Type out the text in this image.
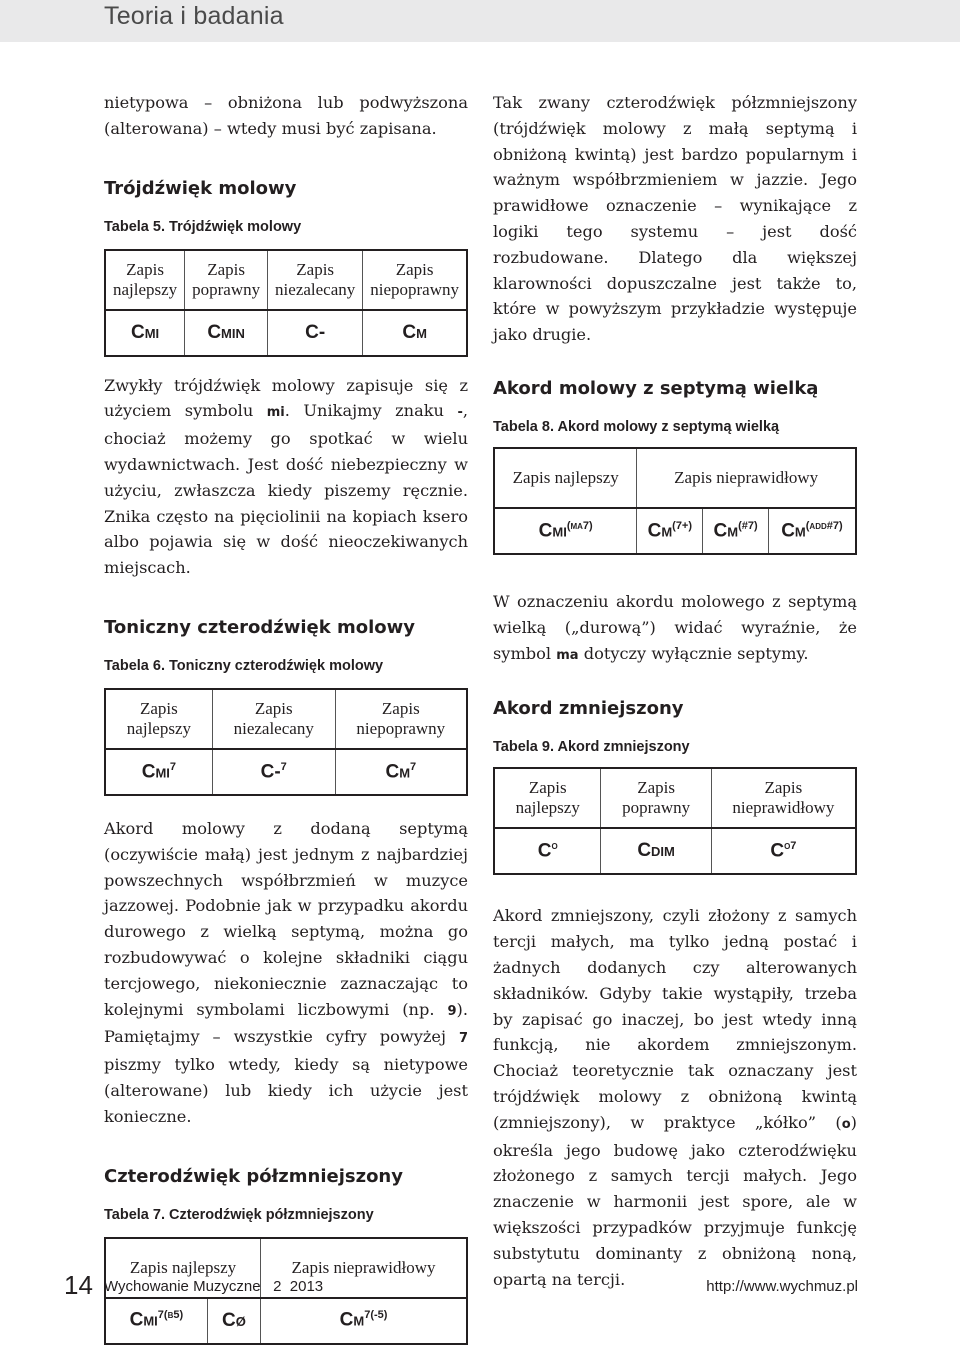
Teoria i badania

nietypowa – obniżona lub podwyższona (alterowana) – wtedy musi być zapisana.

Trójdźwięk molowy

Tabela 5. Trójdźwięk molowy

Zapis najlepszy	Zapis poprawny	Zapis niezalecany	Zapis niepoprawny
Cmi	Cmin	C-	Cm

Zwykły trójdźwięk molowy zapisuje się z użyciem symbolu mi. Unikajmy znaku -, chociaż możemy go spotkać w wielu wydawnictwach. Jest dość niebezpieczny w użyciu, zwłaszcza kiedy piszemy ręcznie. Znika często na pięciolinii na kopiach ksero albo pojawia się w dość nieoczekiwanych miejscach.

Toniczny czterodźwięk molowy

Tabela 6. Toniczny czterodźwięk molowy

Zapis najlepszy	Zapis niezalecany	Zapis niepoprawny
Cmi$^7$	C-$^7$	Cm$^7$

Akord molowy z dodaną septymą (oczywiście małą) jest jednym z najbardziej powszechnych współbrzmień w muzyce jazzowej. Podobnie jak w przypadku akordu durowego z wielką septymą, można go rozbudowywać o kolejne składniki ciągu tercjowego, niekoniecznie zaznaczając to kolejnymi symbolami liczbowymi (np. 9). Pamiętajmy – wszystkie cyfry powyżej 7 piszmy tylko wtedy, kiedy są nietypowe (alterowane) lub kiedy ich użycie jest konieczne.

Czterodźwięk półzmniejszony

Tabela 7. Czterodźwięk półzmniejszony

Zapis najlepszy		Zapis nieprawidłowy
Cmi$^{7(b5)}$	Cø	$Cm^{7(-5)}$

Tak zwany czterodźwięk półzmniejszony (trójdźwięk molowy z małą septymą i obniżoną kwintą) jest bardzo popularnym i ważnym współbrzmieniem w jazzie. Jego prawidłowe oznaczenie – wynikające z logiki tego systemu – jest dość rozbudowane. Dlatego dla większej klarowności dopuszczalne jest także to, które w powyższym przykładzie występuje jako drugie.

Akord molowy z septymą wielką

Tabela 8. Akord molowy z septymą wielką

Zapis najlepszy	Zapis nieprawidłowy		
Cmi$^{(ma7)}$	$Cm^{(7+)}$	$Cm^{(\#7)}$	$Cm^{(add\#7)}$

W oznaczeniu akordu molowego z septymą wielką („durową”) widać wyraźnie, że symbol ma dotyczy wyłącznie septymy.

Akord zmniejszony

Tabela 9. Akord zmniejszony

Zapis najlepszy	Zapis poprawny	Zapis nieprawidłowy
$C^o$	Cdim	$C^{o7}$

Akord zmniejszony, czyli złożony z samych tercji małych, ma tylko jedną postać i żadnych dodanych czy alterowanych składników. Gdyby takie wystąpiły, trzeba by zapisać go inaczej, bo jest wtedy inną funkcją, nie akordem zmniejszonym. Chociaż teoretycznie tak oznaczany jest trójdźwięk molowy z obniżoną kwintą (zmniejszony), w praktyce „kółko” (o) określa jego budowę jako czterodźwięku złożonego z samych tercji małych. Jego znaczenie w harmonii jest spore, ale w większości przypadków przyjmuje funkcję substytutu dominanty z obniżoną noną, opartą na tercji.

14 Wychowanie Muzyczne   2  2013	http://www.wychmuz.pl
